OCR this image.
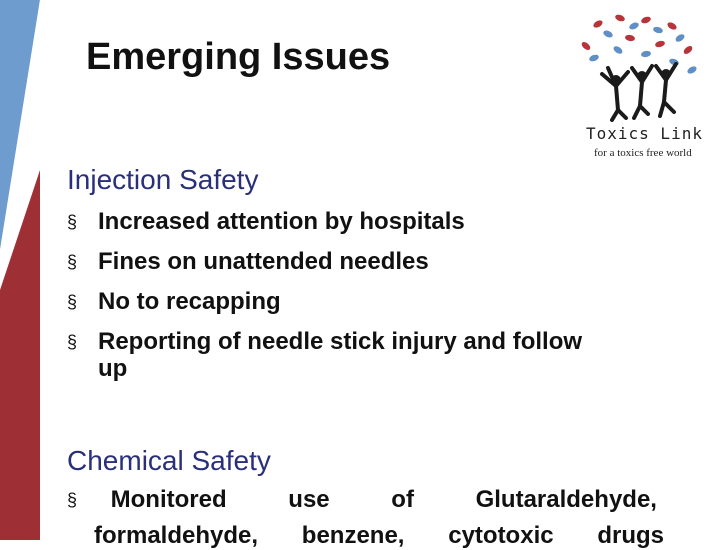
Emerging Issues
Toxics Link
for a toxics free world
Injection Safety
§ Increased attention by hospitals
§ Fines on unattended needles
§ No to recapping
§ Reporting of needle stick injury and follow
up
Chemical Safety
§ Monitored	use	of	Glutaraldehyde,
formaldehyde, benzene, cytotoxic drugs
